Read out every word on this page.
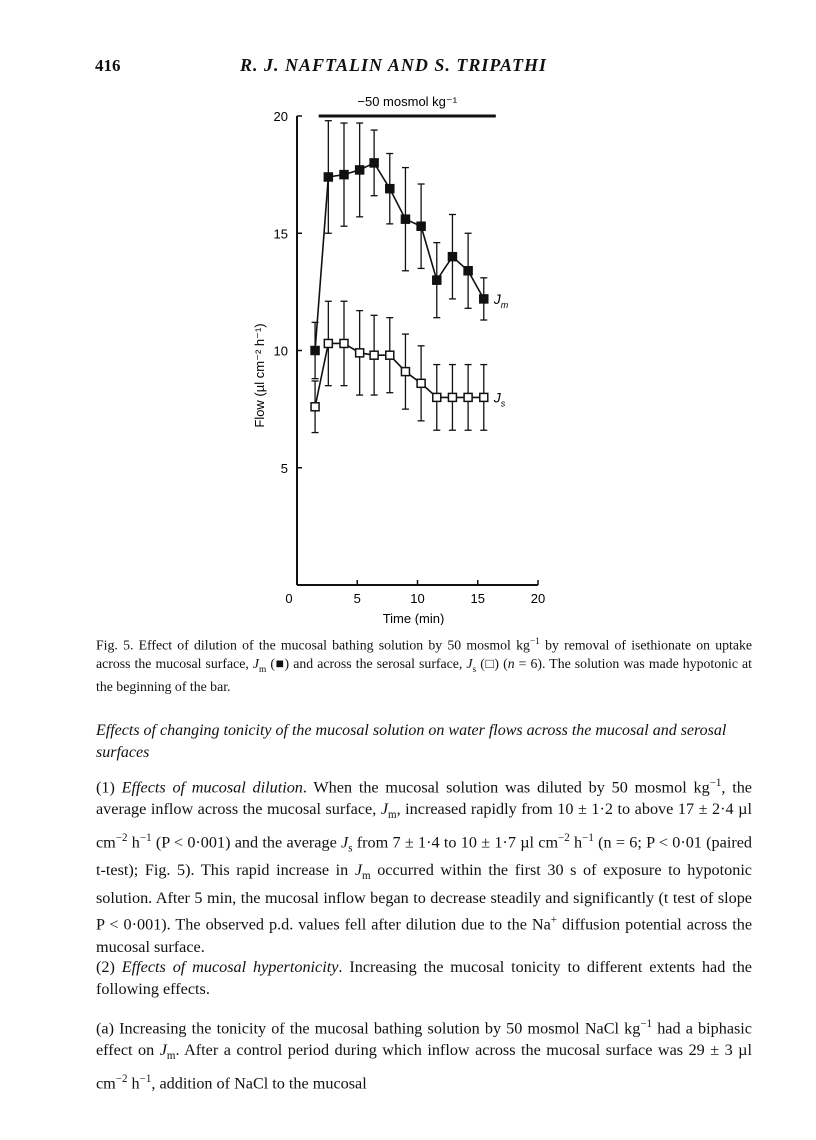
416	R. J. NAFTALIN AND S. TRIPATHI
5
10
15
20
0	5	10	15	20
Time (min)
Flow (µl cm⁻² h⁻¹)
−50 mosmol kg⁻¹
$J_m$
$J_s$
Fig. 5. Effect of dilution of the mucosal bathing solution by 50 mosmol $kg^{-1}$ by removal of isethionate on uptake across the mucosal surface, $J_m$ (■) and across the serosal surface, $J_s$ (□) (n = 6). The solution was made hypotonic at the beginning of the bar.
Effects of changing tonicity of the mucosal solution on water flows across the mucosal and serosal surfaces
(1) Effects of mucosal dilution. When the mucosal solution was diluted by 50 mosmol $kg^{-1}$, the average inflow across the mucosal surface, $J_m$, increased rapidly from 10 ± 1·2 to above 17 ± 2·4 µl $cm^{-2}$ $h^{-1}$ (P < 0·001) and the average $J_s$ from 7 ± 1·4 to 10 ± 1·7 µl $cm^{-2}$ $h^{-1}$ (n = 6; P < 0·01 (paired t-test); Fig. 5). This rapid increase in $J_m$ occurred within the first 30 s of exposure to hypotonic solution. After 5 min, the mucosal inflow began to decrease steadily and significantly (t test of slope P < 0·001). The observed p.d. values fell after dilution due to the Na+ diffusion potential across the mucosal surface.
(2) Effects of mucosal hypertonicity. Increasing the mucosal tonicity to different extents had the following effects.
(a) Increasing the tonicity of the mucosal bathing solution by 50 mosmol NaCl $kg^{-1}$ had a biphasic effect on $J_m$. After a control period during which inflow across the mucosal surface was 29 ± 3 µl $cm^{-2}$ $h^{-1}$, addition of NaCl to the mucosal
